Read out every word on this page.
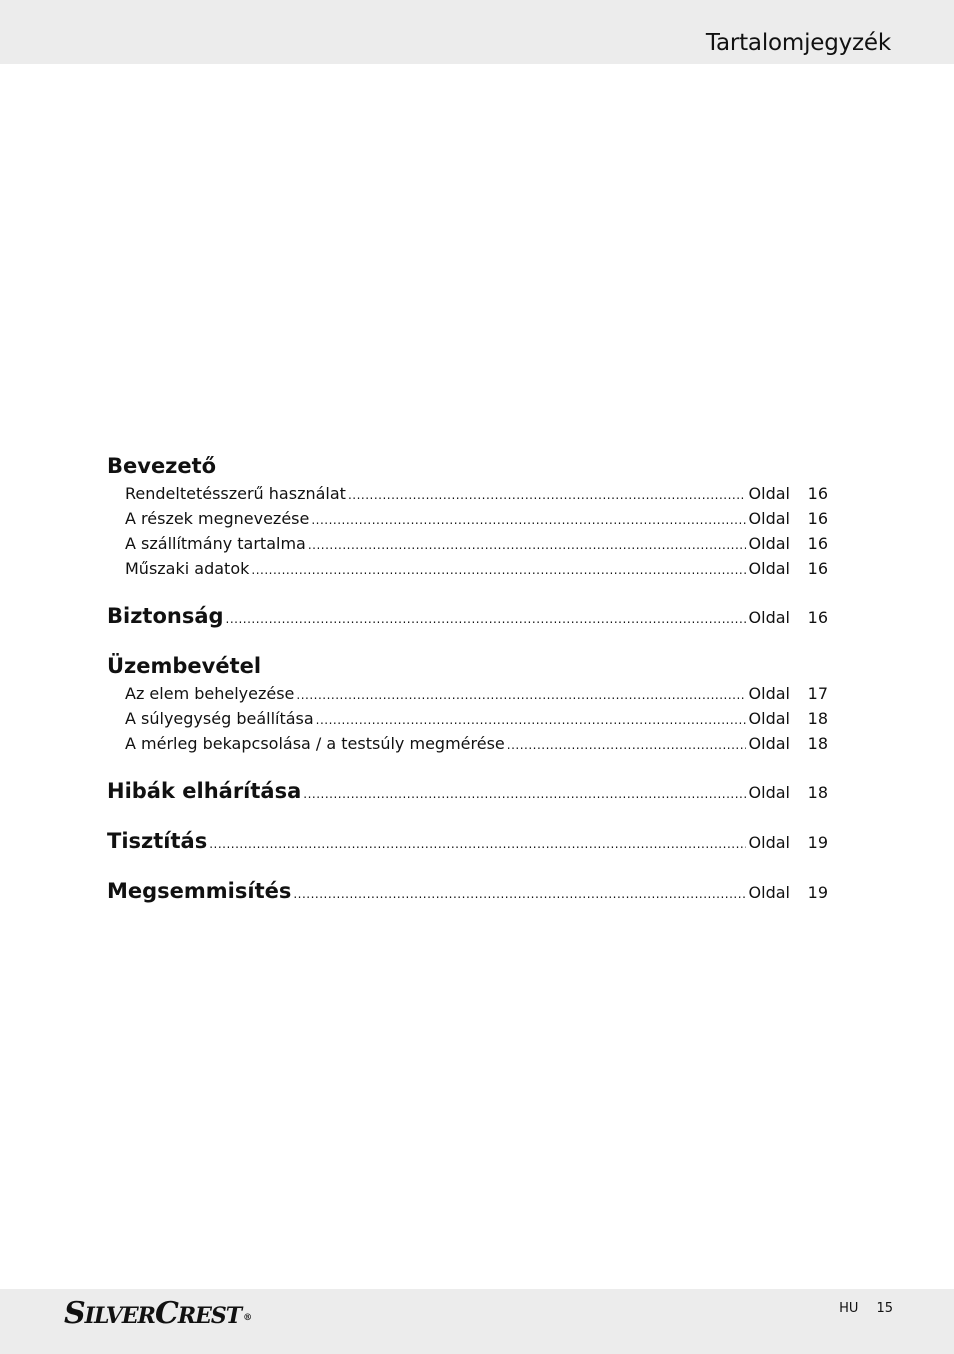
Tartalomjegyzék
Bevezető
Rendeltetésszerű használat .....	Oldal	16
A részek megnevezése .....	Oldal	16
A szállítmány tartalma .....	Oldal	16
Műszaki adatok .....	Oldal	16
Biztonság .....	Oldal	16
Üzembevétel
Az elem behelyezése .....	Oldal	17
A súlyegység beállítása .....	Oldal	18
A mérleg bekapcsolása / a testsúly megmérése .....	Oldal	18
Hibák elhárítása .....	Oldal	18
Tisztítás .....	Oldal	19
Megsemmisítés .....	Oldal	19
SILVERCREST ®
HU 15
